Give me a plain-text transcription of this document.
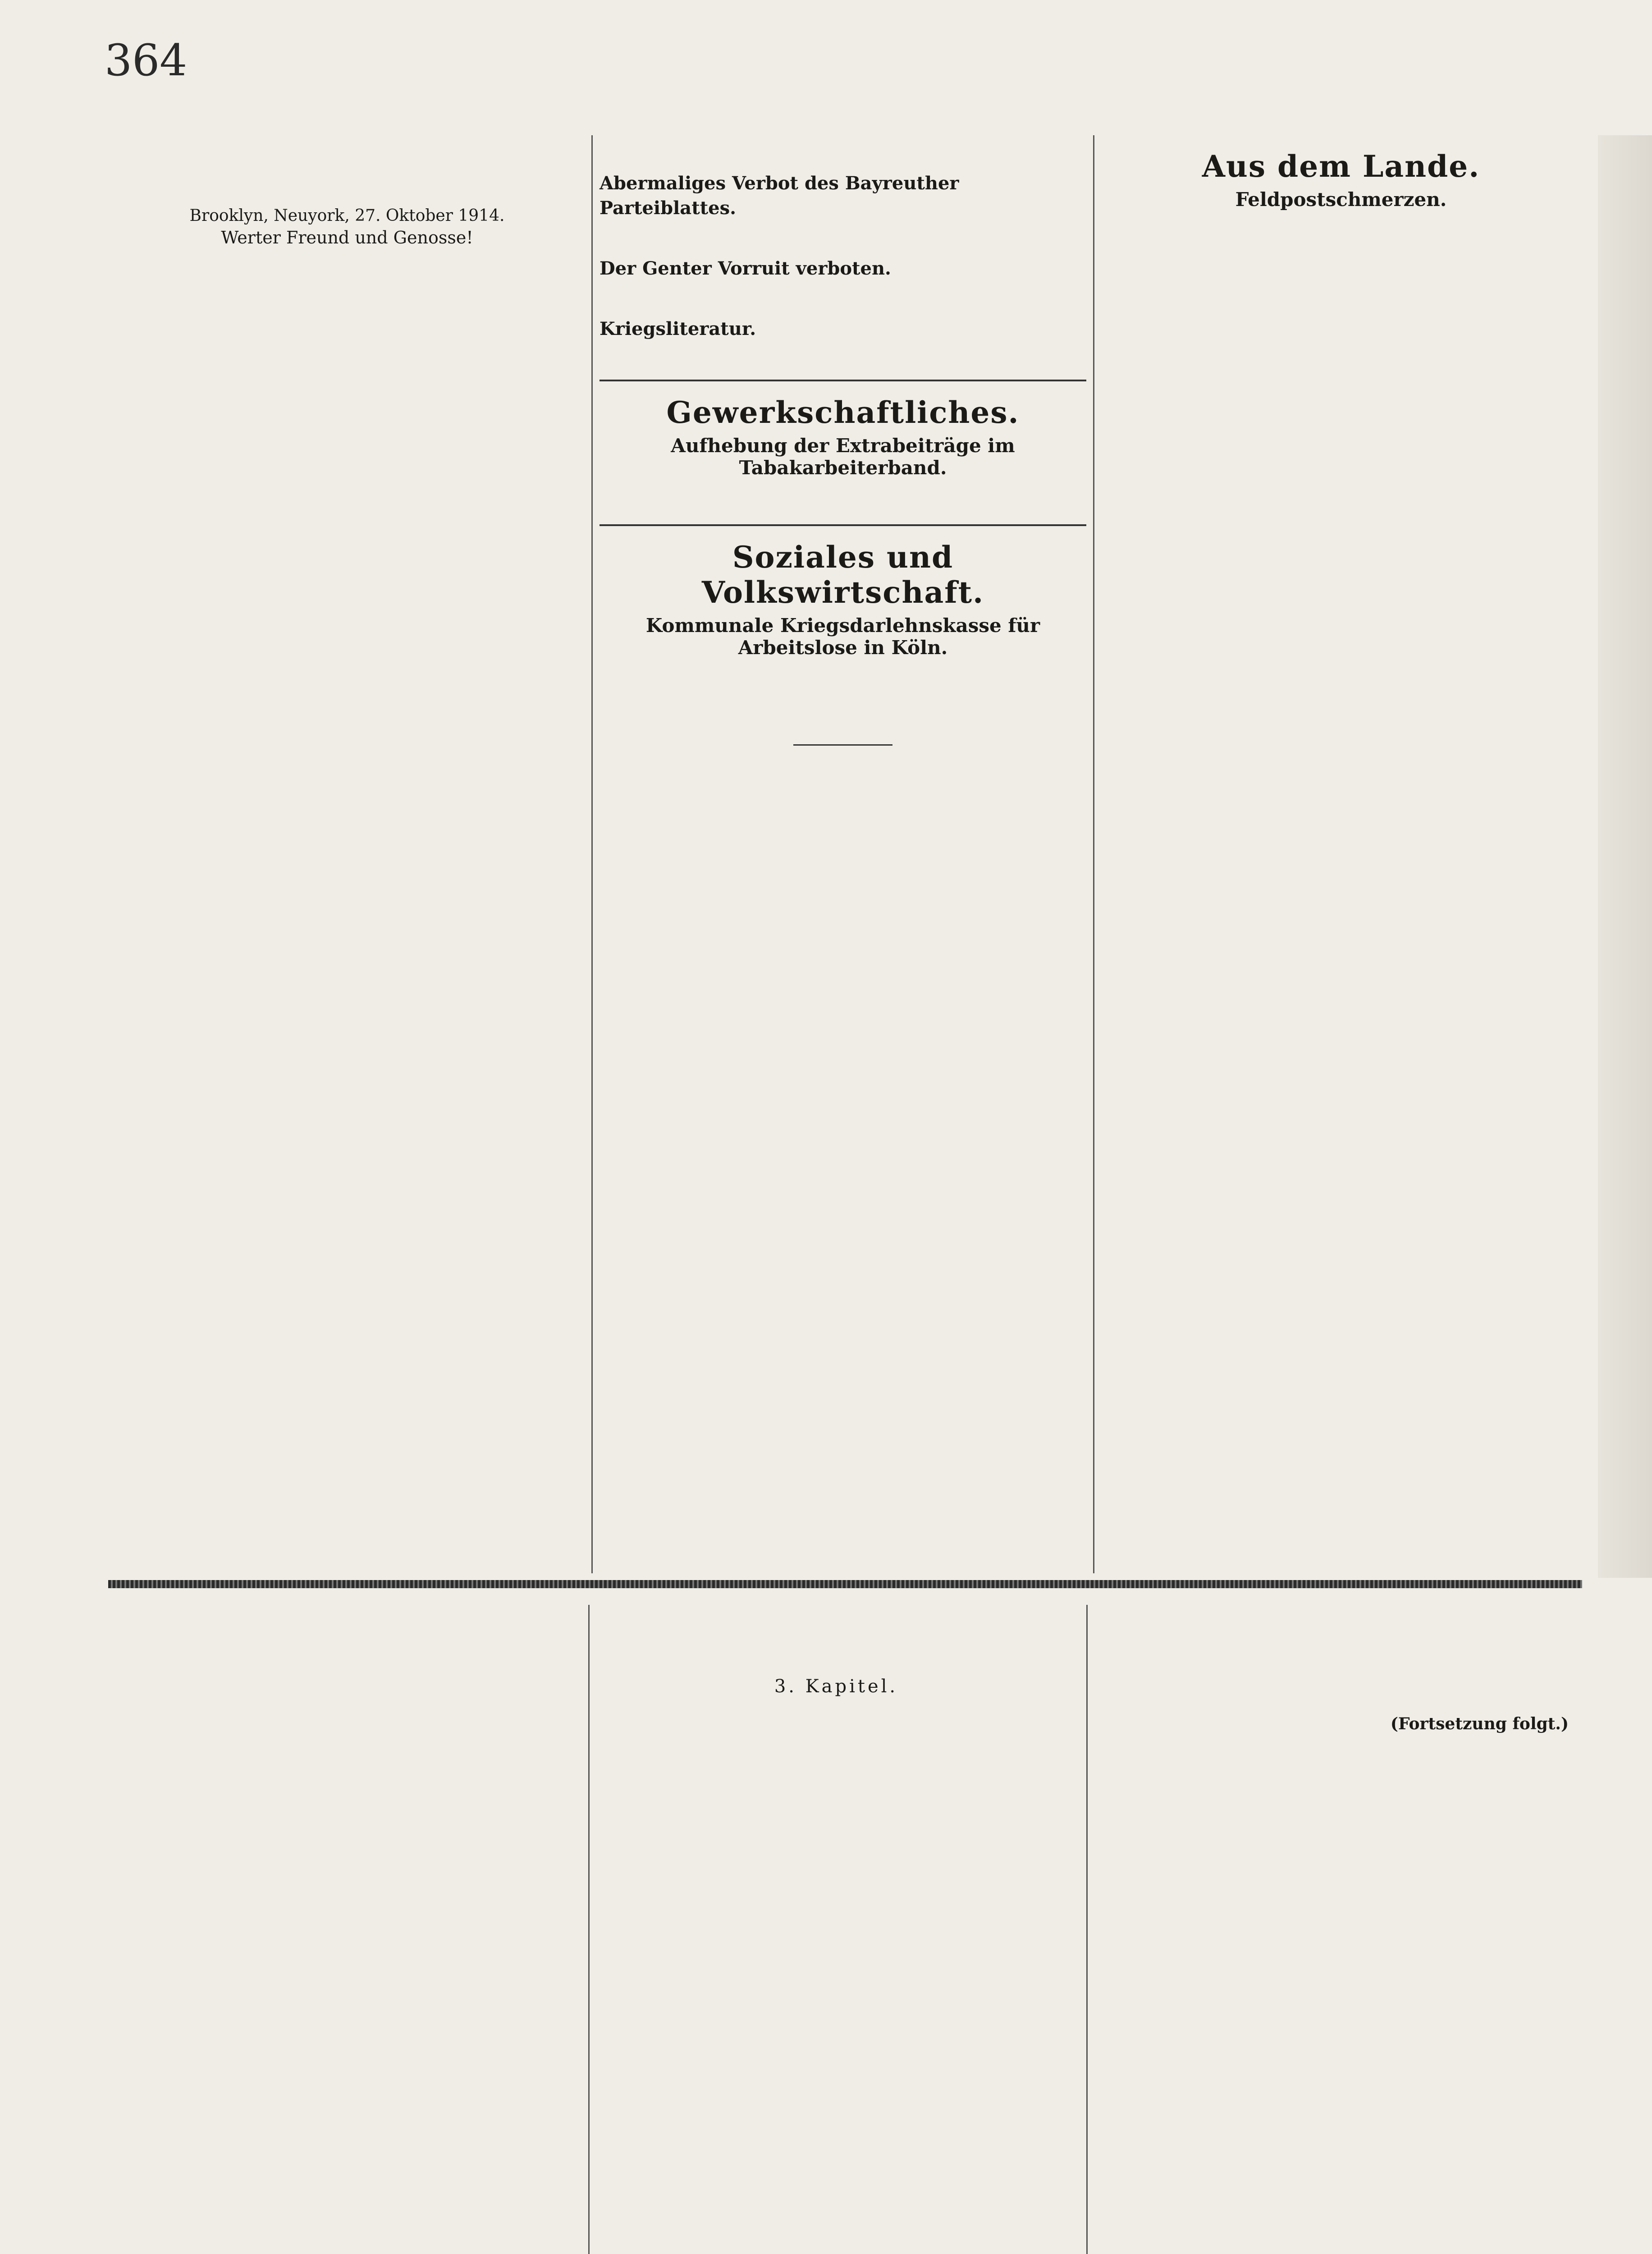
364
Brooklyn, Neuyork, 27. Oktober 1914.
Werter Freund und Genosse!
Abermaliges Verbot des Bayreuther Parteiblattes.
Der Genter Vorruit verboten.
Kriegsliteratur.
Gewerkschaftliches.
Aufhebung der Extrabeiträge im Tabakarbeiterband.
Soziales und Volkswirtschaft.
Kommunale Kriegsdarlehnskasse für Arbeitslose in Köln.
Aus dem Lande.
Feldpostschmerzen.
3. Kapitel.
(Fortsetzung folgt.)
